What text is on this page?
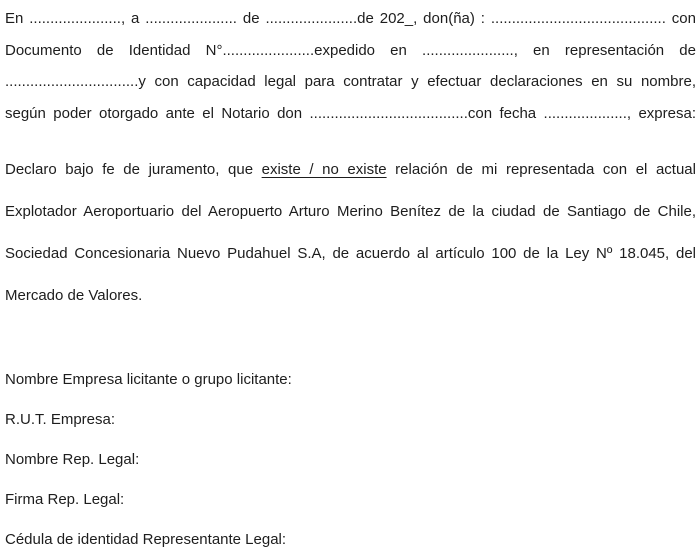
En ......................, a ...................... de ......................de 202_, don(ña) : .......................................... con
Documento de Identidad N°......................expedido en ......................, en representación de
................................y con capacidad legal para contratar y efectuar declaraciones en su nombre,
según poder otorgado ante el Notario don ......................................con fecha ...................., expresa:
Declaro bajo fe de juramento, que existe / no existe relación de mi representada con el actual
Explotador Aeroportuario del Aeropuerto Arturo Merino Benítez de la ciudad de Santiago de Chile,
Sociedad Concesionaria Nuevo Pudahuel S.A, de acuerdo al artículo 100 de la Ley Nº 18.045, del
Mercado de Valores.
Nombre Empresa licitante o grupo licitante:
R.U.T. Empresa:
Nombre Rep. Legal:
Firma Rep. Legal:
Cédula de identidad Representante Legal:
